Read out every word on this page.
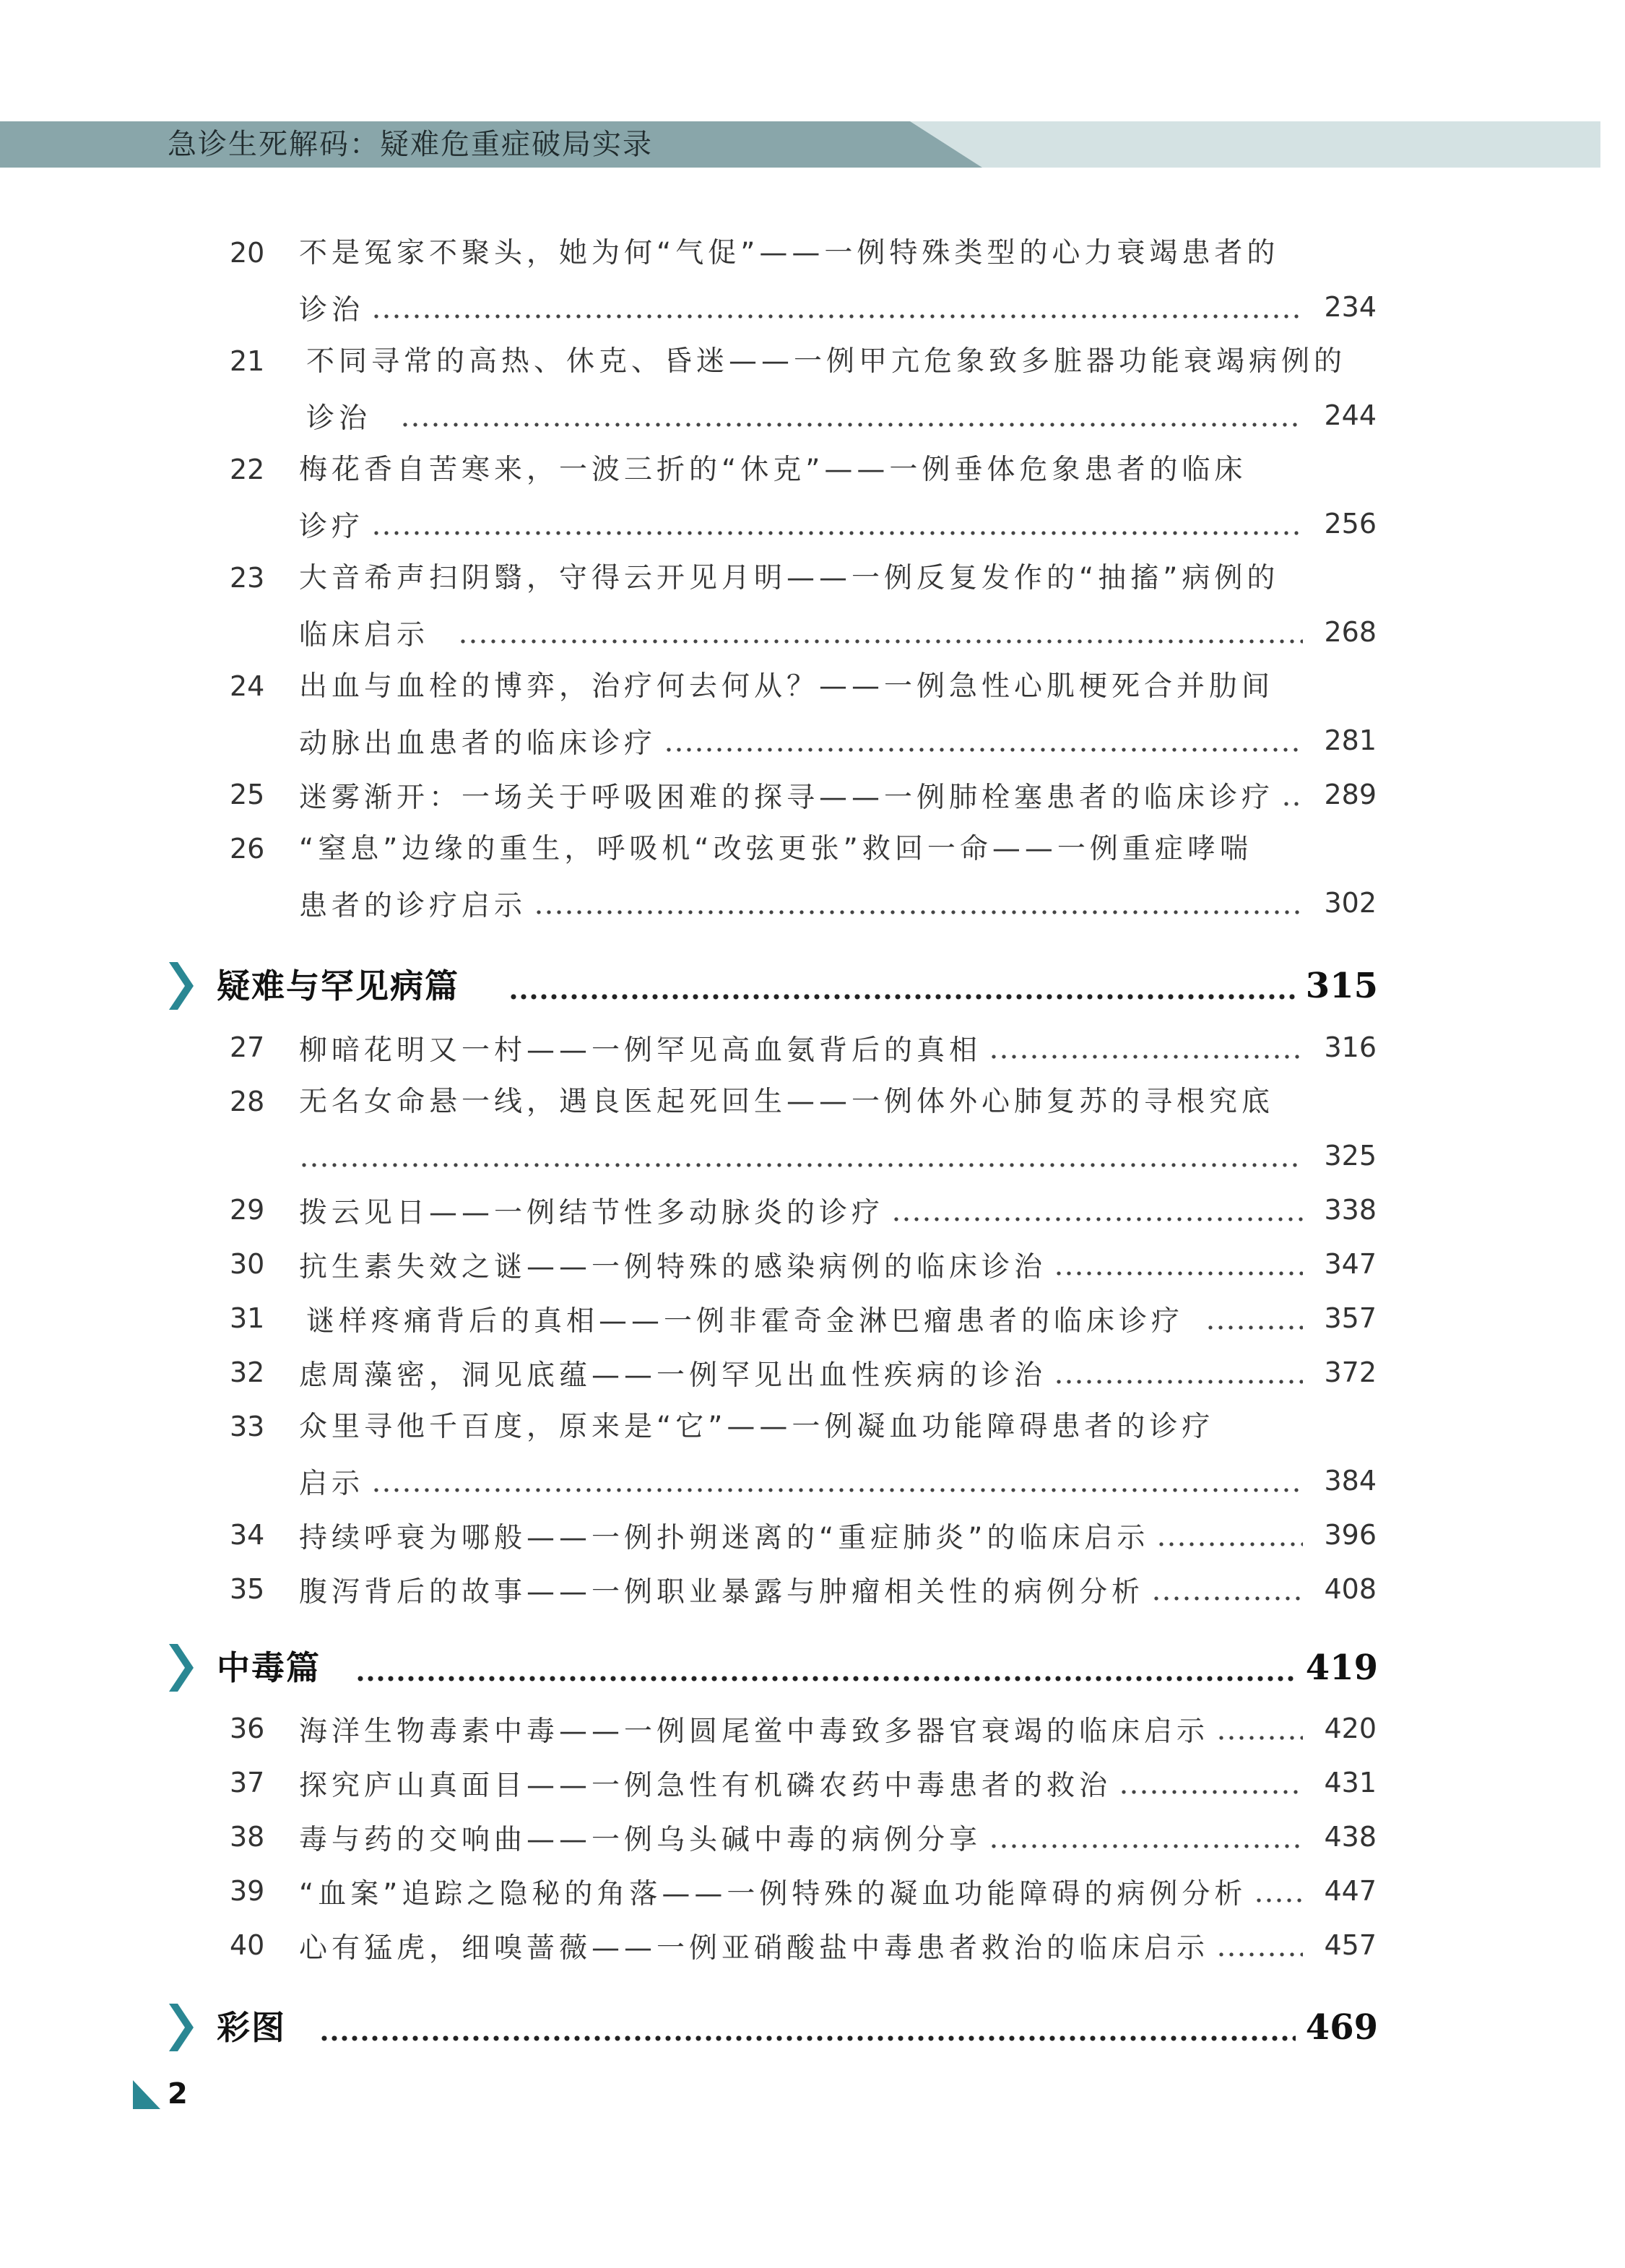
急诊生死解码：疑难危重症破局实录
20 不是冤家不聚头，她为何“气促”——一例特殊类型的心力衰竭患者的
诊治	234
21 不同寻常的高热、休克、昏迷——一例甲亢危象致多脏器功能衰竭病例的
诊治	244
22 梅花香自苦寒来，一波三折的“休克”——一例垂体危象患者的临床
诊疗	256
23 大音希声扫阴翳，守得云开见月明——一例反复发作的“抽搐”病例的
临床启示	268
24 出血与血栓的博弈，治疗何去何从？——一例急性心肌梗死合并肋间
动脉出血患者的临床诊疗	281
25 迷雾渐开：一场关于呼吸困难的探寻——一例肺栓塞患者的临床诊疗	289
26 “窒息”边缘的重生，呼吸机“改弦更张”救回一命——一例重症哮喘
患者的诊疗启示	302
疑难与罕见病篇	315
27 柳暗花明又一村——一例罕见高血氨背后的真相	316
28 无名女命悬一线，遇良医起死回生——一例体外心肺复苏的寻根究底
325
29 拨云见日——一例结节性多动脉炎的诊疗	338
30 抗生素失效之谜——一例特殊的感染病例的临床诊治	347
31 谜样疼痛背后的真相——一例非霍奇金淋巴瘤患者的临床诊疗	357
32 虑周藻密，洞见底蕴——一例罕见出血性疾病的诊治	372
33 众里寻他千百度，原来是“它”——一例凝血功能障碍患者的诊疗
启示	384
34 持续呼衰为哪般——一例扑朔迷离的“重症肺炎”的临床启示	396
35 腹泻背后的故事——一例职业暴露与肿瘤相关性的病例分析	408
中毒篇	419
36 海洋生物毒素中毒——一例圆尾鲎中毒致多器官衰竭的临床启示	420
37 探究庐山真面目——一例急性有机磷农药中毒患者的救治	431
38 毒与药的交响曲——一例乌头碱中毒的病例分享	438
39 “血案”追踪之隐秘的角落——一例特殊的凝血功能障碍的病例分析	447
40 心有猛虎，细嗅蔷薇——一例亚硝酸盐中毒患者救治的临床启示	457
彩图	469
2
